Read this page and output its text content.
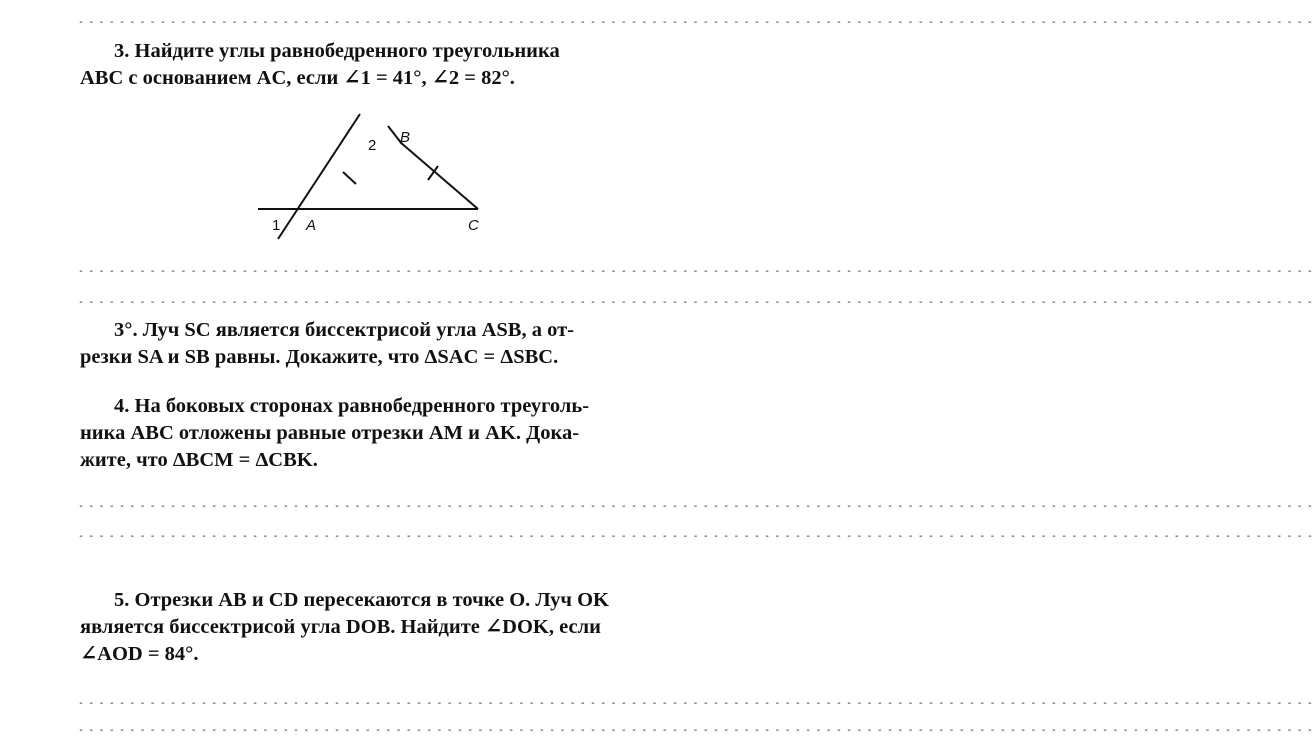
- - - - - - - - - - - - - - - - - - - - - - - - - - - - - - - - - - - - - - - - - - - - - - - - - - - - - - - - - - - - - - - - - - - - - - - - - - - - - - - - - - - - - - - - - - - - - - - - - - - - - - - - - - - - - - - - - - - - - - - - -
3. Найдите углы равнобедренного треугольника
ABC с основанием AC, если ∠1 = 41°, ∠2 = 82°.
1
2
A
B
C
- - - - - - - - - - - - - - - - - - - - - - - - - - - - - - - - - - - - - - - - - - - - - - - - - - - - - - - - - - - - - - - - - - - - - - - - - - - - - - - - - - - - - - - - - - - - - - - - - - - - - - - - - - - - - - - - - - - - - - - - -
- - - - - - - - - - - - - - - - - - - - - - - - - - - - - - - - - - - - - - - - - - - - - - - - - - - - - - - - - - - - - - - - - - - - - - - - - - - - - - - - - - - - - - - - - - - - - - - - - - - - - - - - - - - - - - - - - - - - - - - - -
3°. Луч SC является биссектрисой угла ASB, а от-
резки SA и SB равны. Докажите, что ΔSAC = ΔSBC.
4. На боковых сторонах равнобедренного треуголь-
ника ABC отложены равные отрезки AM и AK. Дока-
жите, что ΔBCM = ΔCBK.
- - - - - - - - - - - - - - - - - - - - - - - - - - - - - - - - - - - - - - - - - - - - - - - - - - - - - - - - - - - - - - - - - - - - - - - - - - - - - - - - - - - - - - - - - - - - - - - - - - - - - - - - - - - - - - - - - - - - - - - - -
- - - - - - - - - - - - - - - - - - - - - - - - - - - - - - - - - - - - - - - - - - - - - - - - - - - - - - - - - - - - - - - - - - - - - - - - - - - - - - - - - - - - - - - - - - - - - - - - - - - - - - - - - - - - - - - - - - - - - - - - -
5. Отрезки AB и CD пересекаются в точке O. Луч OK
является биссектрисой угла DOB. Найдите ∠DOK, если
∠AOD = 84°.
- - - - - - - - - - - - - - - - - - - - - - - - - - - - - - - - - - - - - - - - - - - - - - - - - - - - - - - - - - - - - - - - - - - - - - - - - - - - - - - - - - - - - - - - - - - - - - - - - - - - - - - - - - - - - - - - - - - - - - - - -
- - - - - - - - - - - - - - - - - - - - - - - - - - - - - - - - - - - - - - - - - - - - - - - - - - - - - - - - - - - - - - - - - - - - - - - - - - - - - - - - - - - - - - - - - - - - - - - - - - - - - - - - - - - - - - - - - - - - - - - - -
